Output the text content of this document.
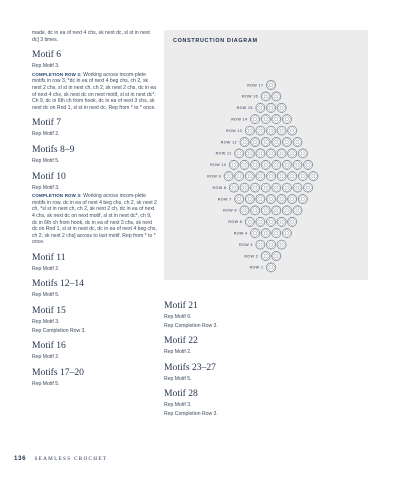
made, dc in ea of next 4 chs, sk next dc, sl st in next dc] 3 times.

Motif 6

Rep Motif 3.

COMPLETION ROW 2: Working across incom-plete motifs in row 3, *dc in ea of next 4 beg chs, ch 2, sk next 2 chs, sl st in next ch, ch 2, sk next 2 chs, dc in ea of next 4 chs, sk next dc on next motif, sl st in next dc*. Ch 9, dc in 6th ch from hook, dc in ea of next 3 chs, sk next dc on Rnd 1, sl st in next dc. Rep from * to * once.

Motif 7

Rep Motif 2.

Motifs 8–9

Rep Motif 5.

Motif 10

Rep Motif 3.

COMPLETION ROW 3: Working across incom-plete motifs in row, dc in ea of next 4 beg chs, ch 2, sk next 2 ch, *sl st in next ch, ch 2, sk next 2 ch, dc in ea of next 4 chs, sk next dc on next motif, sl st in next dc*, ch 9, dc in 6th ch from hook, dc in ea of next 3 chs, sk next dc on Rnd 1, sl st in next dc, dc in ea of next 4 beg chs, ch 2, sk next 2 chs] across to last motif. Rep from * to * once.

Motif 11

Rep Motif 2.

Motifs 12–14

Rep Motif 5.

Motif 15

Rep Motif 3.

Rep Completion Row 3.

Motif 16

Rep Motif 2.

Motifs 17–20

Rep Motif 5.

ROW 17
ROW 16
ROW 15
ROW 14
ROW 13
ROW 12
ROW 11
ROW 10
ROW 9
ROW 8
ROW 7
ROW 6
ROW 5
ROW 4
ROW 3
ROW 2
ROW 1
CONSTRUCTION DIAGRAM
Motif 21

Rep Motif 6.

Rep Completion Row 3.

Motif 22

Rep Motif 2.

Motifs 23–27

Rep Motif 5.

Motif 28

Rep Motif 3.

Rep Completion Row 3.

136 SEAMLESS CROCHET
